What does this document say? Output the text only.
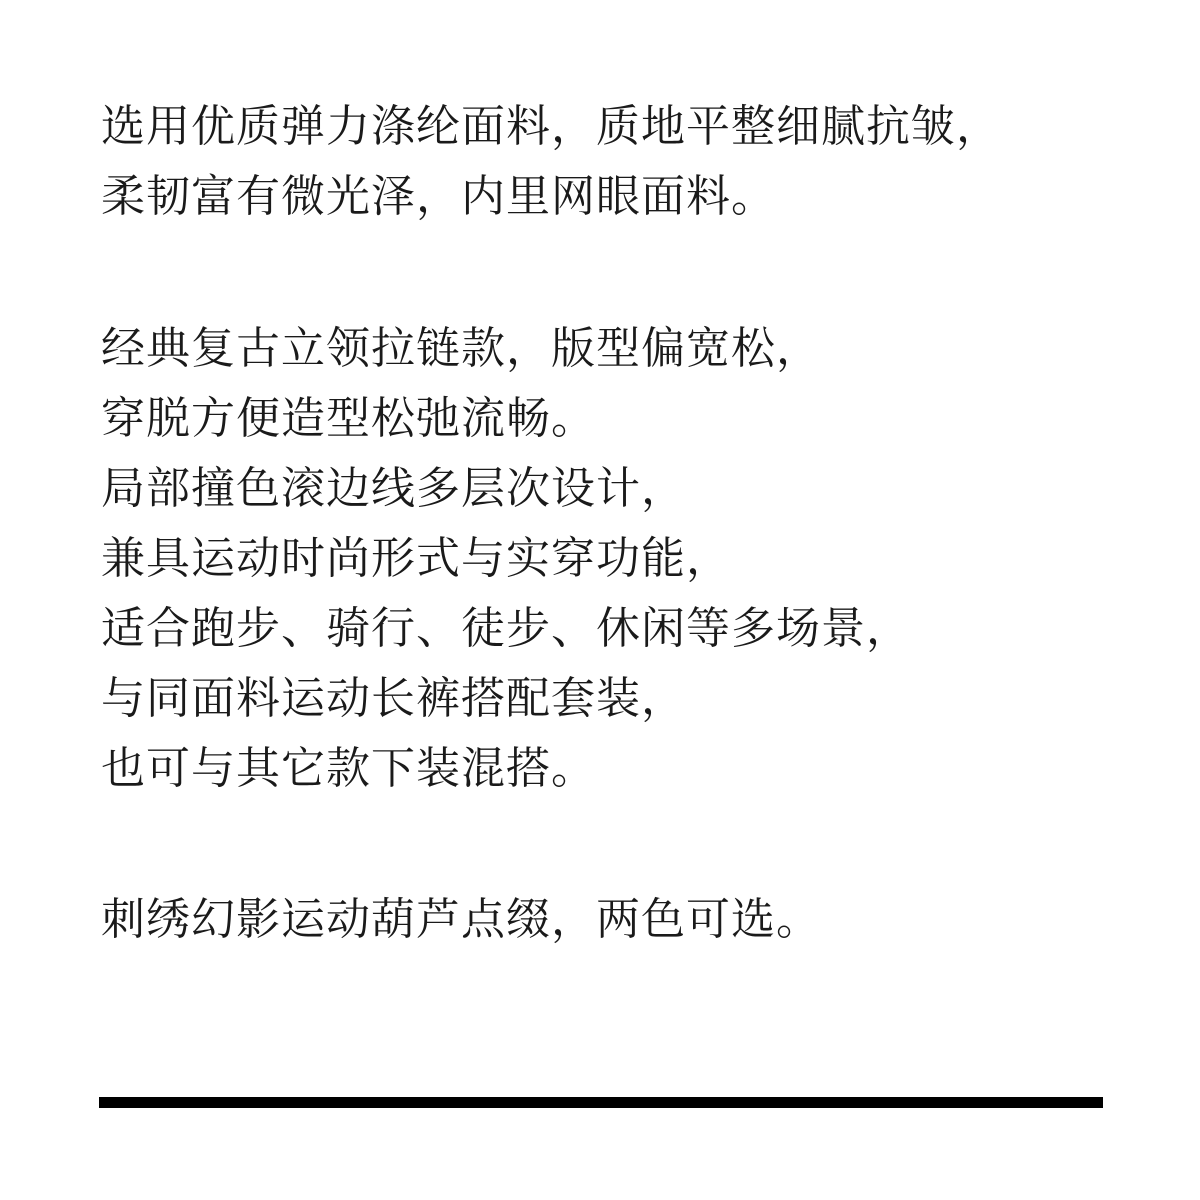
选用优质弹力涤纶面料，质地平整细腻抗皱，
柔韧富有微光泽，内里网眼面料。

经典复古立领拉链款，版型偏宽松，
穿脱方便造型松弛流畅。
局部撞色滚边线多层次设计，
兼具运动时尚形式与实穿功能，
适合跑步、骑行、徒步、休闲等多场景，
与同面料运动长裤搭配套装，
也可与其它款下装混搭。

刺绣幻影运动葫芦点缀，两色可选。
